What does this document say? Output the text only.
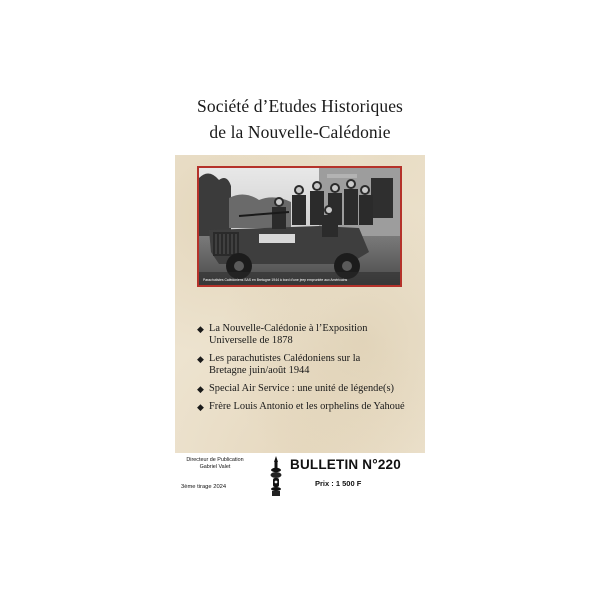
Société d’Etudes Historiques
de la Nouvelle-Calédonie
Parachutistes Calédoniens SAS en Bretagne 1944 à bord d’une jeep empruntée aux Américains
◆ La Nouvelle-Calédonie à l’Exposition
Universelle de 1878
◆ Les parachutistes Calédoniens sur la
Bretagne juin/août 1944
◆ Special Air Service : une unité de légende(s)
◆ Frère Louis Antonio et les orphelins de Yahoué
Directeur de Publication
Gabriel Valet
3ème tirage 2024
BULLETIN N°220
Prix : 1 500 F
